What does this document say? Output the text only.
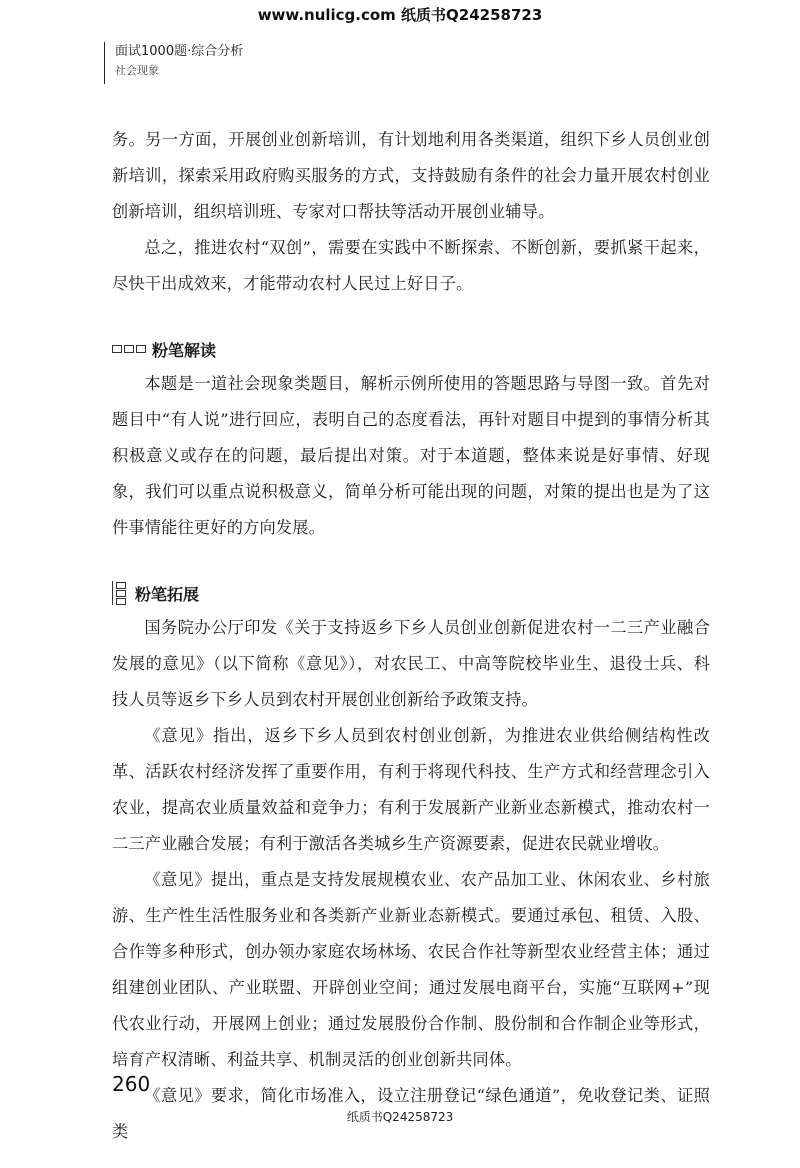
www.nulicg.com 纸质书Q24258723
面试1000题·综合分析
社会现象

务。另一方面，开展创业创新培训，有计划地利用各类渠道，组织下乡人员创业创新培训，探索采用政府购买服务的方式，支持鼓励有条件的社会力量开展农村创业创新培训，组织培训班、专家对口帮扶等活动开展创业辅导。

总之，推进农村“双创”，需要在实践中不断探索、不断创新，要抓紧干起来，尽快干出成效来，才能带动农村人民过上好日子。

粉笔解读

本题是一道社会现象类题目，解析示例所使用的答题思路与导图一致。首先对题目中“有人说”进行回应，表明自己的态度看法，再针对题目中提到的事情分析其积极意义或存在的问题，最后提出对策。对于本道题，整体来说是好事情、好现象，我们可以重点说积极意义，简单分析可能出现的问题，对策的提出也是为了这件事情能往更好的方向发展。

粉笔拓展

国务院办公厅印发《关于支持返乡下乡人员创业创新促进农村一二三产业融合发展的意见》（以下简称《意见》），对农民工、中高等院校毕业生、退役士兵、科技人员等返乡下乡人员到农村开展创业创新给予政策支持。

《意见》指出，返乡下乡人员到农村创业创新，为推进农业供给侧结构性改革、活跃农村经济发挥了重要作用，有利于将现代科技、生产方式和经营理念引入农业，提高农业质量效益和竞争力；有利于发展新产业新业态新模式，推动农村一二三产业融合发展；有利于激活各类城乡生产资源要素，促进农民就业增收。

《意见》提出，重点是支持发展规模农业、农产品加工业、休闲农业、乡村旅游、生产性生活性服务业和各类新产业新业态新模式。要通过承包、租赁、入股、合作等多种形式，创办领办家庭农场林场、农民合作社等新型农业经营主体；通过组建创业团队、产业联盟、开辟创业空间；通过发展电商平台，实施“互联网+”现代农业行动，开展网上创业；通过发展股份合作制、股份制和合作制企业等形式，培育产权清晰、利益共享、机制灵活的创业创新共同体。

《意见》要求，简化市场准入，设立注册登记“绿色通道”，免收登记类、证照类

260
纸质书Q24258723
